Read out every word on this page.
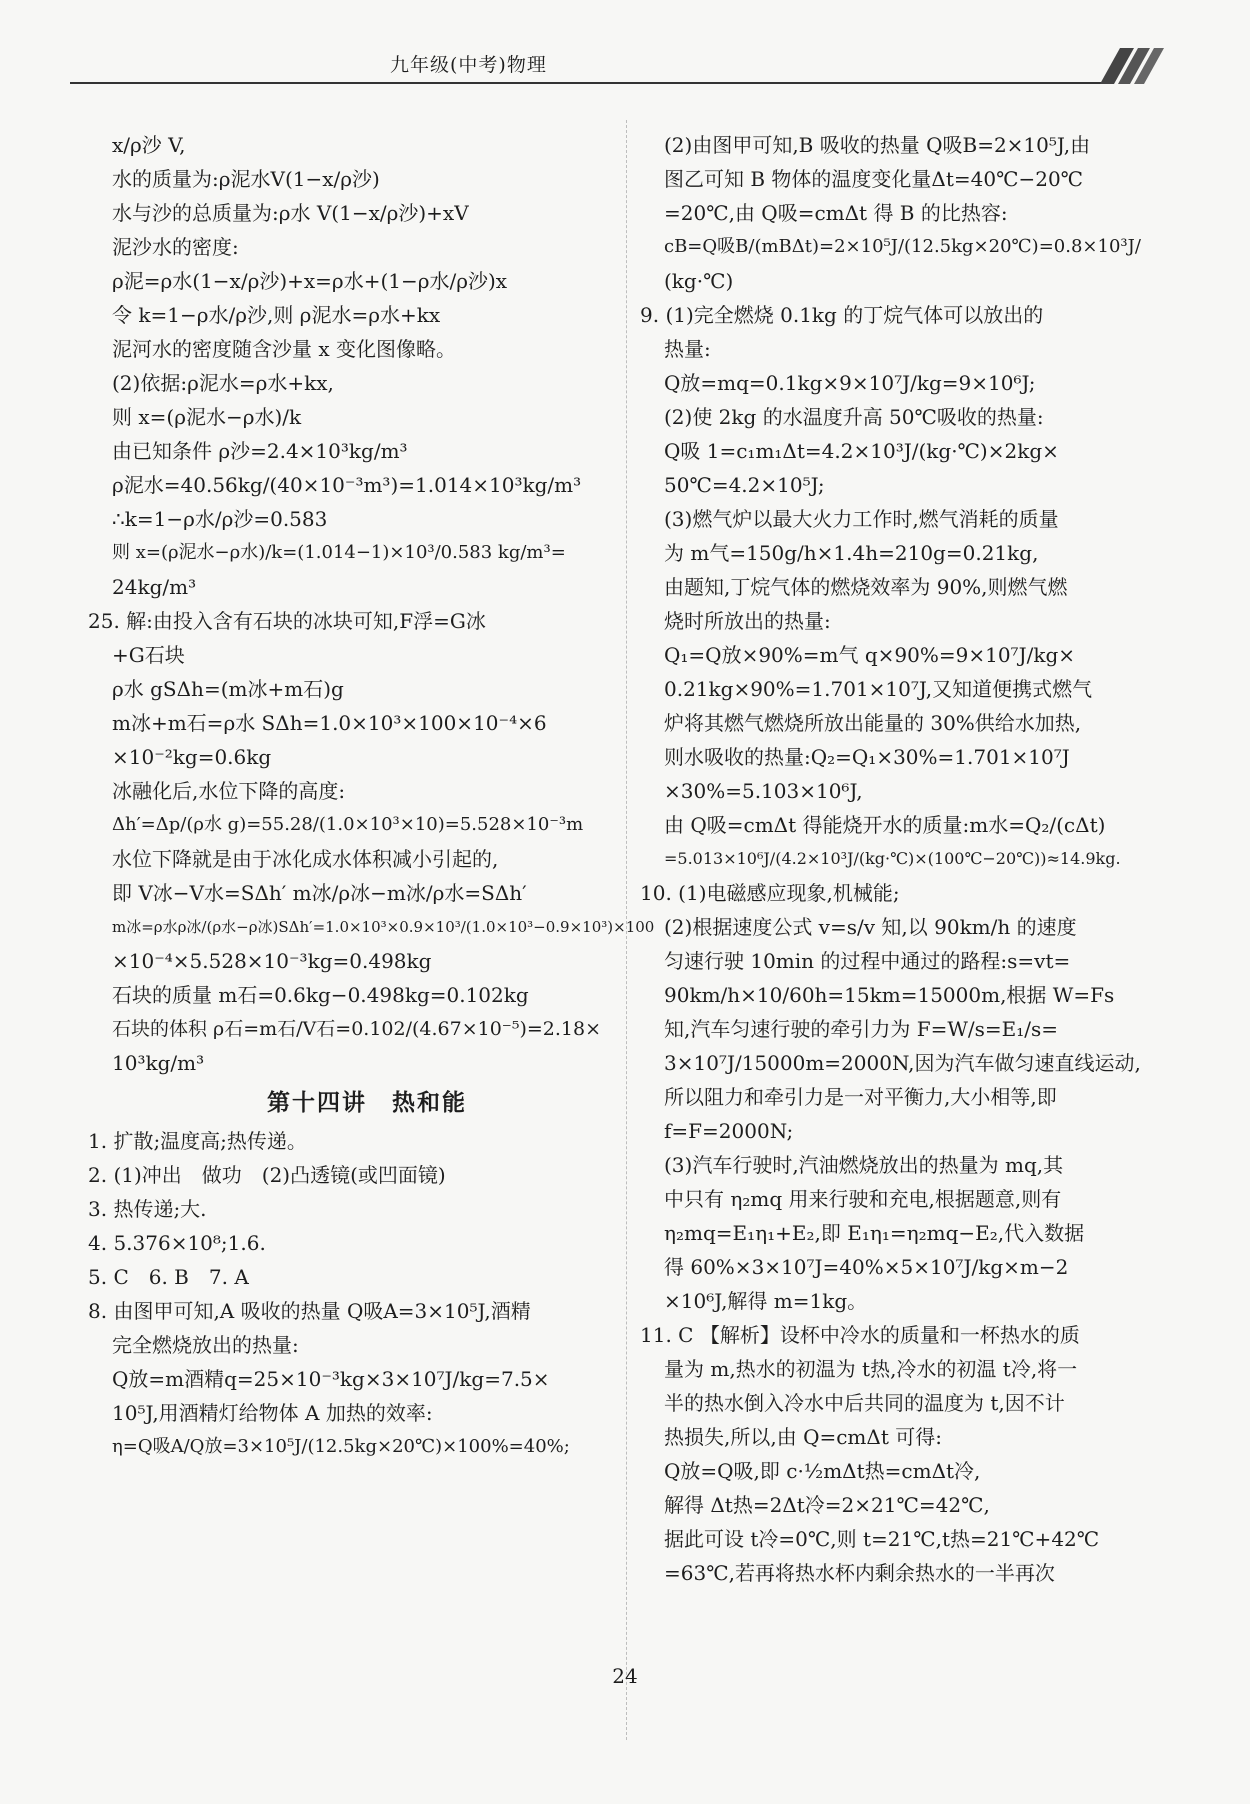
九年级(中考)物理
x/ρ沙 V,
水的质量为:ρ泥水V(1−x/ρ沙)
水与沙的总质量为:ρ水 V(1−x/ρ沙)+xV
泥沙水的密度:
ρ泥=ρ水(1−x/ρ沙)+x=ρ水+(1−ρ水/ρ沙)x
令 k=1−ρ水/ρ沙,则 ρ泥水=ρ水+kx
泥河水的密度随含沙量 x 变化图像略。
(2)依据:ρ泥水=ρ水+kx,
则 x=(ρ泥水−ρ水)/k
由已知条件 ρ沙=2.4×10³kg/m³
ρ泥水=40.56kg/(40×10⁻³m³)=1.014×10³kg/m³
∴k=1−ρ水/ρ沙=0.583
则 x=(ρ泥水−ρ水)/k=(1.014−1)×10³/0.583 kg/m³=
24kg/m³
25. 解:由投入含有石块的冰块可知,F浮=G冰
+G石块
ρ水 gSΔh=(m冰+m石)g
m冰+m石=ρ水 SΔh=1.0×10³×100×10⁻⁴×6
×10⁻²kg=0.6kg
冰融化后,水位下降的高度:
Δh′=Δp/(ρ水 g)=55.28/(1.0×10³×10)=5.528×10⁻³m
水位下降就是由于冰化成水体积减小引起的,
即 V冰−V水=SΔh′ m冰/ρ冰−m冰/ρ水=SΔh′
m冰=ρ水ρ冰/(ρ水−ρ冰)SΔh′=1.0×10³×0.9×10³/(1.0×10³−0.9×10³)×100
×10⁻⁴×5.528×10⁻³kg=0.498kg
石块的质量 m石=0.6kg−0.498kg=0.102kg
石块的体积 ρ石=m石/V石=0.102/(4.67×10⁻⁵)=2.18×
10³kg/m³
第十四讲　热和能
1. 扩散;温度高;热传递。
2. (1)冲出　做功　(2)凸透镜(或凹面镜)
3. 热传递;大.
4. 5.376×10⁸;1.6.
5. C　6. B　7. A
8. 由图甲可知,A 吸收的热量 Q吸A=3×10⁵J,酒精
完全燃烧放出的热量:
Q放=m酒精q=25×10⁻³kg×3×10⁷J/kg=7.5×
10⁵J,用酒精灯给物体 A 加热的效率:
η=Q吸A/Q放=3×10⁵J/(12.5kg×20℃)×100%=40%;
(2)由图甲可知,B 吸收的热量 Q吸B=2×10⁵J,由
图乙可知 B 物体的温度变化量Δt=40℃−20℃
=20℃,由 Q吸=cmΔt 得 B 的比热容:
cB=Q吸B/(mBΔt)=2×10⁵J/(12.5kg×20℃)=0.8×10³J/
(kg·℃)
9. (1)完全燃烧 0.1kg 的丁烷气体可以放出的
热量:
Q放=mq=0.1kg×9×10⁷J/kg=9×10⁶J;
(2)使 2kg 的水温度升高 50℃吸收的热量:
Q吸 1=c₁m₁Δt=4.2×10³J/(kg·℃)×2kg×
50℃=4.2×10⁵J;
(3)燃气炉以最大火力工作时,燃气消耗的质量
为 m气=150g/h×1.4h=210g=0.21kg,
由题知,丁烷气体的燃烧效率为 90%,则燃气燃
烧时所放出的热量:
Q₁=Q放×90%=m气 q×90%=9×10⁷J/kg×
0.21kg×90%=1.701×10⁷J,又知道便携式燃气
炉将其燃气燃烧所放出能量的 30%供给水加热,
则水吸收的热量:Q₂=Q₁×30%=1.701×10⁷J
×30%=5.103×10⁶J,
由 Q吸=cmΔt 得能烧开水的质量:m水=Q₂/(cΔt)
=5.013×10⁶J/(4.2×10³J/(kg·℃)×(100℃−20℃))≈14.9kg.
10. (1)电磁感应现象,机械能;
(2)根据速度公式 v=s/v 知,以 90km/h 的速度
匀速行驶 10min 的过程中通过的路程:s=vt=
90km/h×10/60h=15km=15000m,根据 W=Fs
知,汽车匀速行驶的牵引力为 F=W/s=E₁/s=
3×10⁷J/15000m=2000N,因为汽车做匀速直线运动,
所以阻力和牵引力是一对平衡力,大小相等,即
f=F=2000N;
(3)汽车行驶时,汽油燃烧放出的热量为 mq,其
中只有 η₂mq 用来行驶和充电,根据题意,则有
η₂mq=E₁η₁+E₂,即 E₁η₁=η₂mq−E₂,代入数据
得 60%×3×10⁷J=40%×5×10⁷J/kg×m−2
×10⁶J,解得 m=1kg。
11. C 【解析】设杯中冷水的质量和一杯热水的质
量为 m,热水的初温为 t热,冷水的初温 t冷,将一
半的热水倒入冷水中后共同的温度为 t,因不计
热损失,所以,由 Q=cmΔt 可得:
Q放=Q吸,即 c·½mΔt热=cmΔt冷,
解得 Δt热=2Δt冷=2×21℃=42℃,
据此可设 t冷=0℃,则 t=21℃,t热=21℃+42℃
=63℃,若再将热水杯内剩余热水的一半再次
24
